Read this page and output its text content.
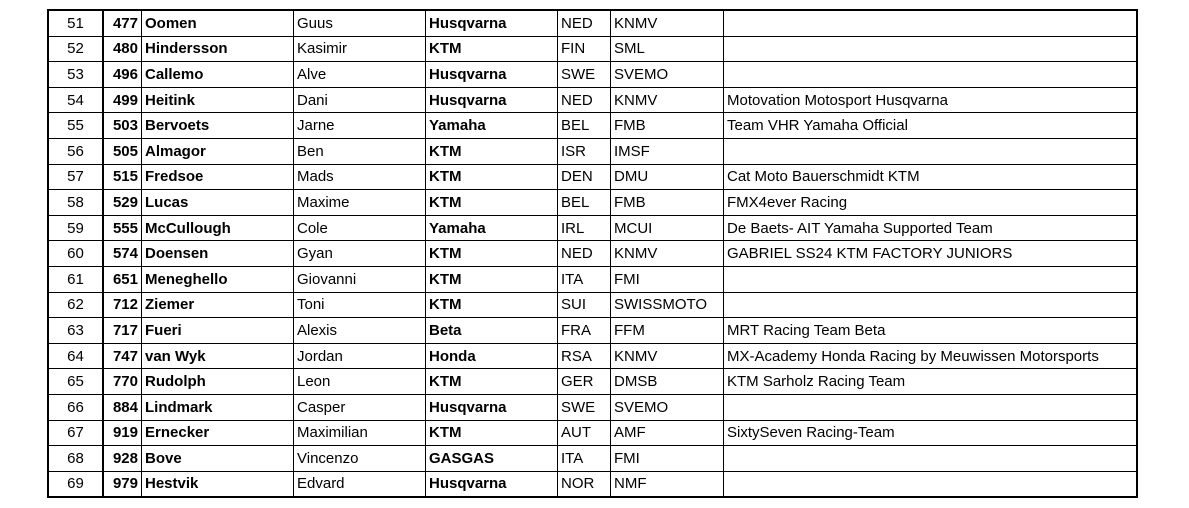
51	477	Oomen	Guus	Husqvarna	NED	KNMV	
52	480	Hindersson	Kasimir	KTM	FIN	SML	
53	496	Callemo	Alve	Husqvarna	SWE	SVEMO	
54	499	Heitink	Dani	Husqvarna	NED	KNMV	Motovation Motosport Husqvarna
55	503	Bervoets	Jarne	Yamaha	BEL	FMB	Team VHR Yamaha Official
56	505	Almagor	Ben	KTM	ISR	IMSF	
57	515	Fredsoe	Mads	KTM	DEN	DMU	Cat Moto Bauerschmidt KTM
58	529	Lucas	Maxime	KTM	BEL	FMB	FMX4ever Racing
59	555	McCullough	Cole	Yamaha	IRL	MCUI	De Baets- AIT Yamaha Supported Team
60	574	Doensen	Gyan	KTM	NED	KNMV	GABRIEL SS24 KTM FACTORY JUNIORS
61	651	Meneghello	Giovanni	KTM	ITA	FMI	
62	712	Ziemer	Toni	KTM	SUI	SWISSMOTO	
63	717	Fueri	Alexis	Beta	FRA	FFM	MRT Racing Team Beta
64	747	van Wyk	Jordan	Honda	RSA	KNMV	MX-Academy Honda Racing by Meuwissen Motorsports
65	770	Rudolph	Leon	KTM	GER	DMSB	KTM Sarholz Racing Team
66	884	Lindmark	Casper	Husqvarna	SWE	SVEMO	
67	919	Ernecker	Maximilian	KTM	AUT	AMF	SixtySeven Racing-Team
68	928	Bove	Vincenzo	GASGAS	ITA	FMI	
69	979	Hestvik	Edvard	Husqvarna	NOR	NMF	
